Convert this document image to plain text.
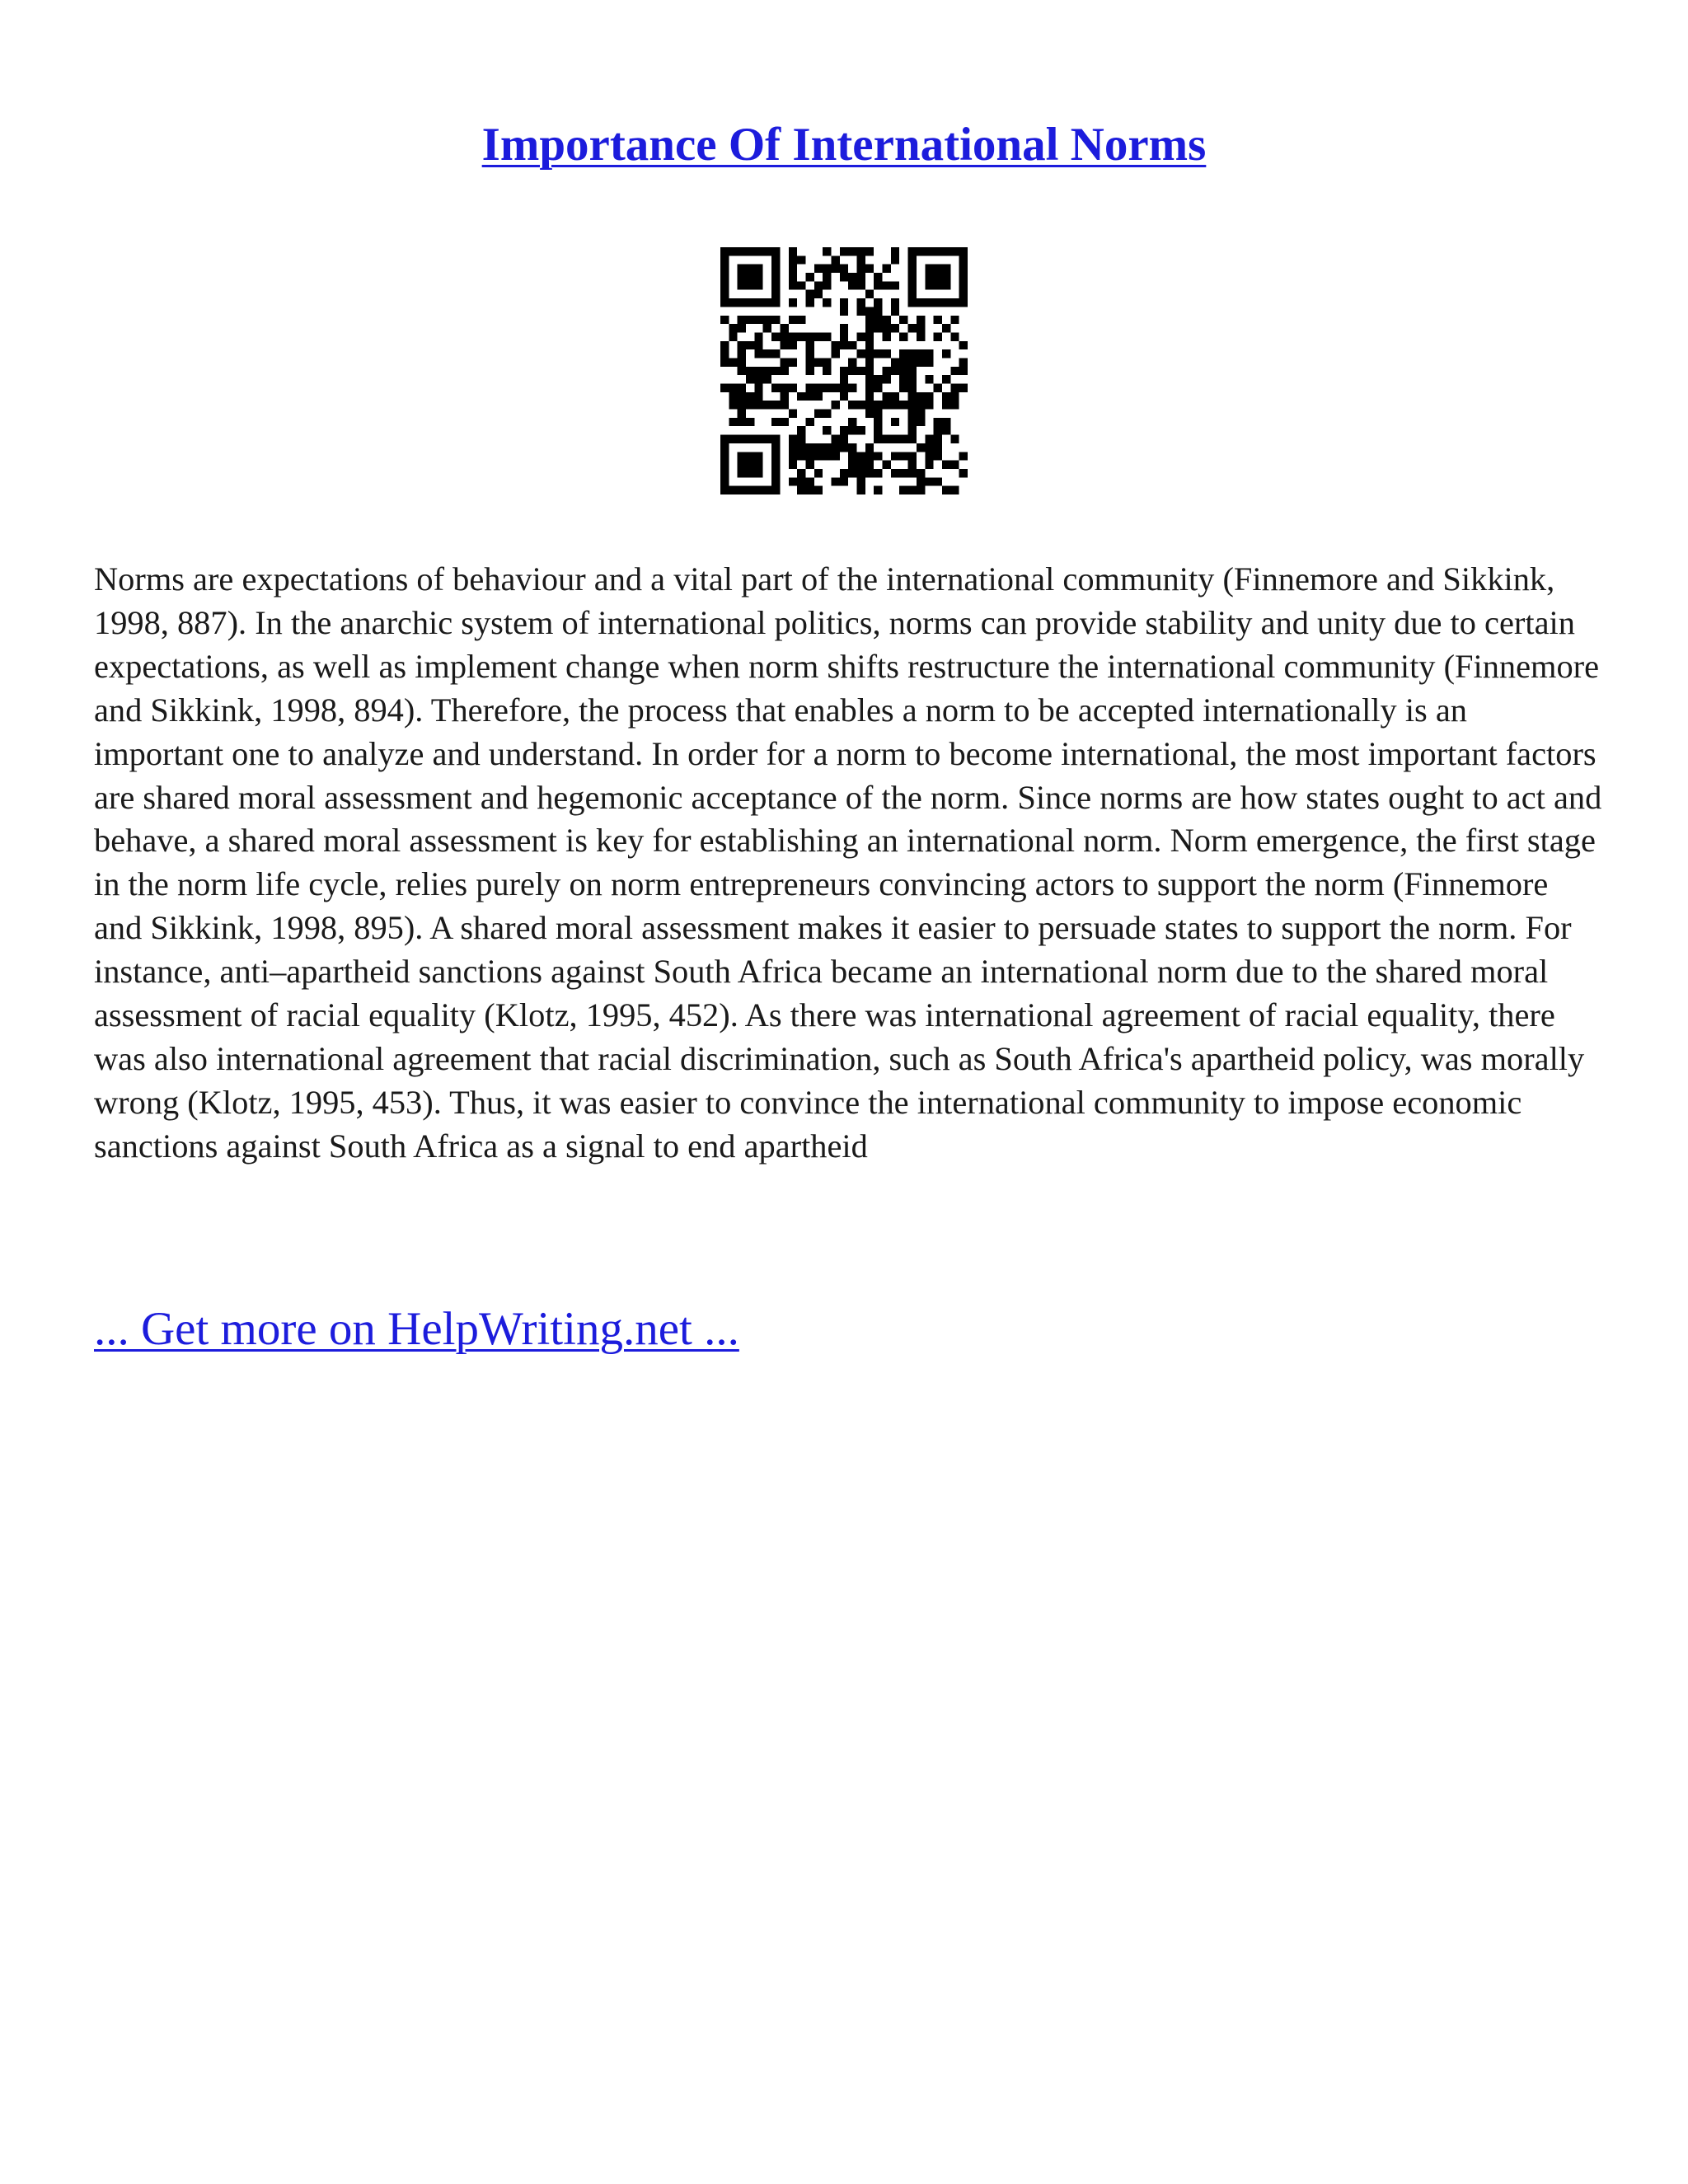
Importance Of International Norms

Norms are expectations of behaviour and a vital part of the international community (Finnemore and Sikkink, 1998, 887). In the anarchic system of international politics, norms can provide stability and unity due to certain expectations, as well as implement change when norm shifts restructure the international community (Finnemore and Sikkink, 1998, 894). Therefore, the process that enables a norm to be accepted internationally is an important one to analyze and understand. In order for a norm to become international, the most important factors are shared moral assessment and hegemonic acceptance of the norm. Since norms are how states ought to act and behave, a shared moral assessment is key for establishing an international norm. Norm emergence, the first stage in the norm life cycle, relies purely on norm entrepreneurs convincing actors to support the norm (Finnemore and Sikkink, 1998, 895). A shared moral assessment makes it easier to persuade states to support the norm. For instance, anti–apartheid sanctions against South Africa became an international norm due to the shared moral assessment of racial equality (Klotz, 1995, 452). As there was international agreement of racial equality, there was also international agreement that racial discrimination, such as South Africa's apartheid policy, was morally wrong (Klotz, 1995, 453). Thus, it was easier to convince the international community to impose economic sanctions against South Africa as a signal to end apartheid

... Get more on HelpWriting.net ...
